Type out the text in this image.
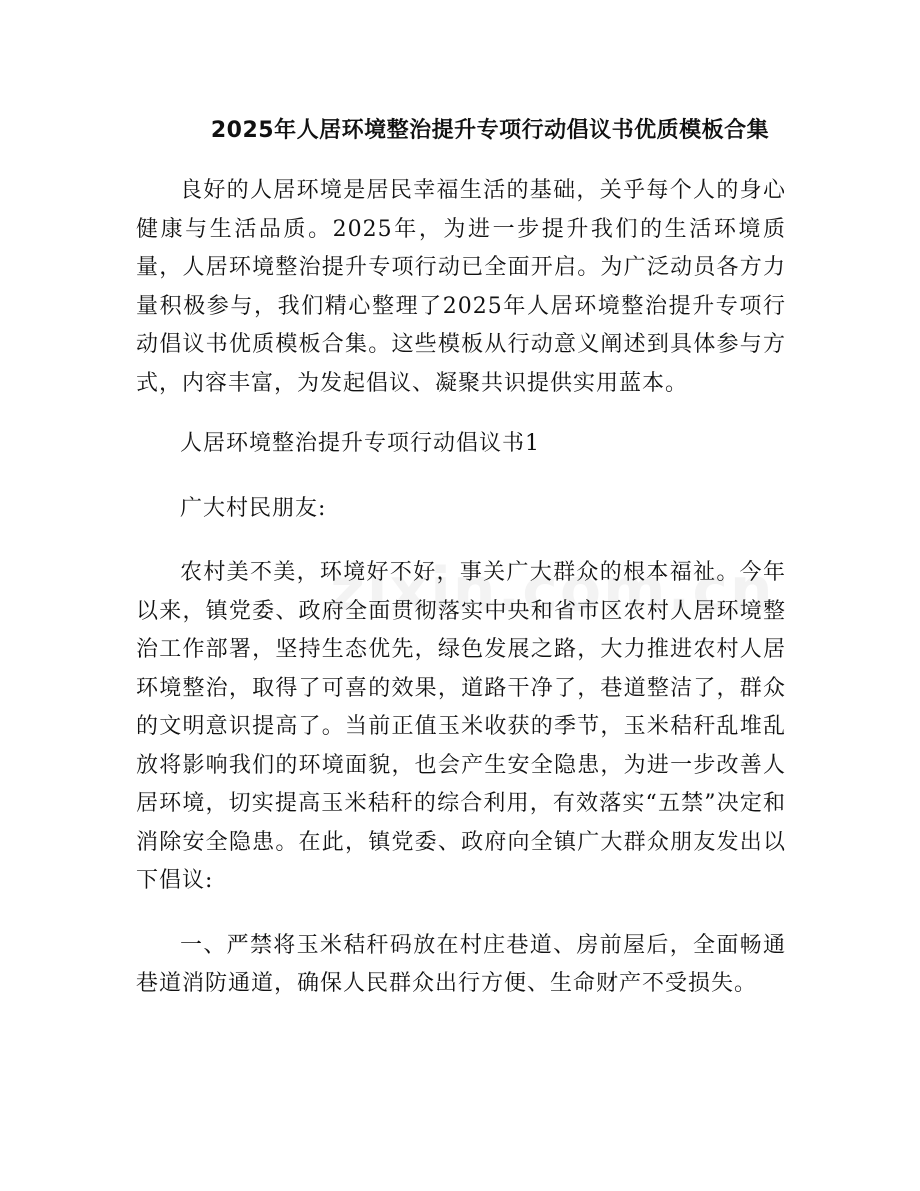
2025年人居环境整治提升专项行动倡议书优质模板合集

良好的人居环境是居民幸福生活的基础，关乎每个人的身心健康与生活品质。2025年，为进一步提升我们的生活环境质量，人居环境整治提升专项行动已全面开启。为广泛动员各方力量积极参与，我们精心整理了2025年人居环境整治提升专项行动倡议书优质模板合集。这些模板从行动意义阐述到具体参与方式，内容丰富，为发起倡议、凝聚共识提供实用蓝本。

人居环境整治提升专项行动倡议书1

广大村民朋友:

农村美不美，环境好不好，事关广大群众的根本福祉。今年以来，镇党委、政府全面贯彻落实中央和省市区农村人居环境整治工作部署，坚持生态优先，绿色发展之路，大力推进农村人居环境整治，取得了可喜的效果，道路干净了，巷道整洁了，群众的文明意识提高了。当前正值玉米收获的季节，玉米秸秆乱堆乱放将影响我们的环境面貌，也会产生安全隐患，为进一步改善人居环境，切实提高玉米秸秆的综合利用，有效落实“五禁”决定和消除安全隐患。在此，镇党委、政府向全镇广大群众朋友发出以下倡议:

一、严禁将玉米秸秆码放在村庄巷道、房前屋后，全面畅通巷道消防通道，确保人民群众出行方便、生命财产不受损失。
